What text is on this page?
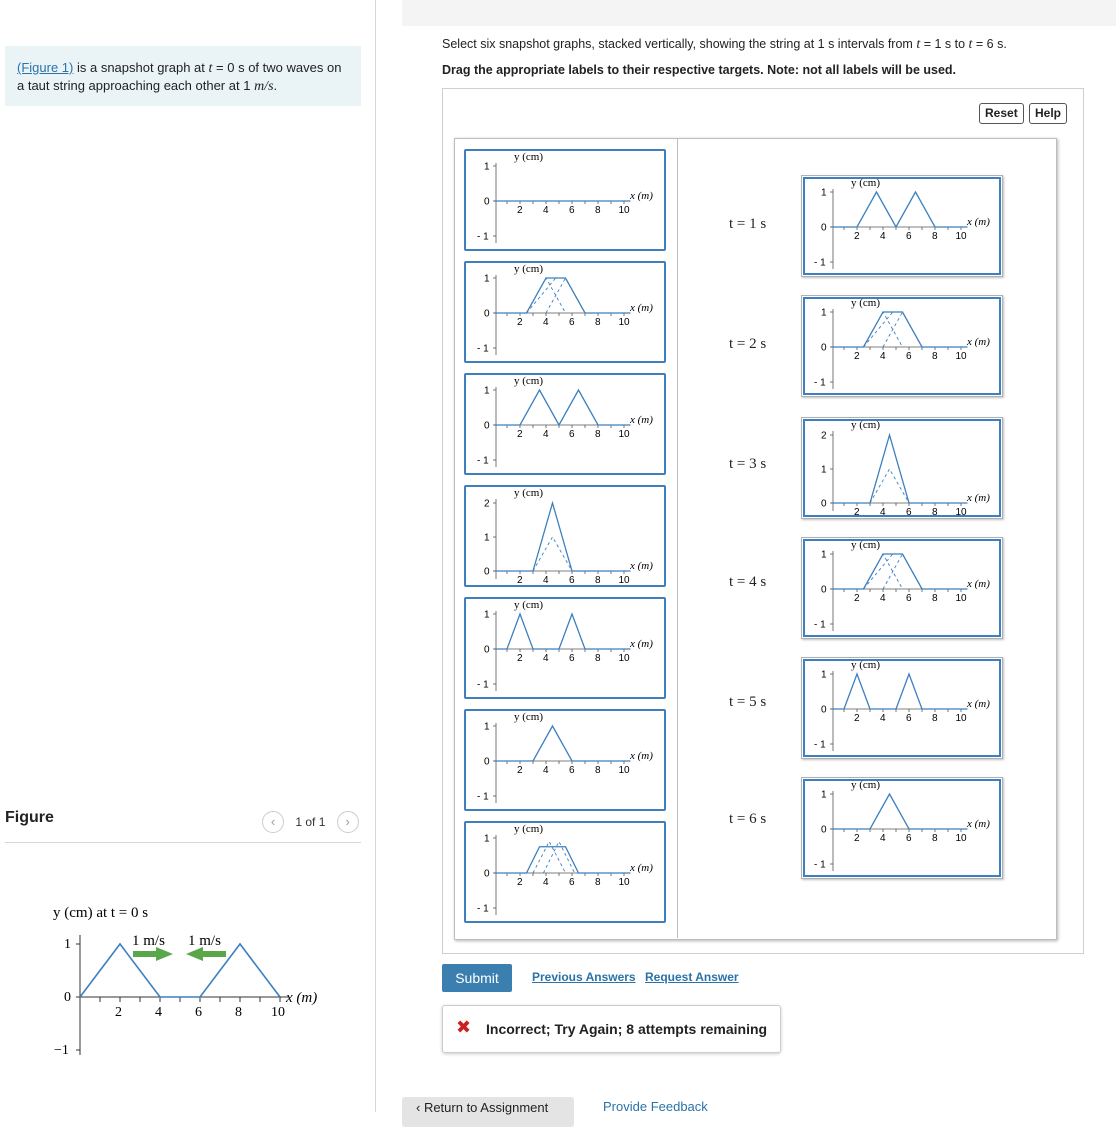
(Figure 1) is a snapshot graph at t = 0 s of two waves on a taut string approaching each other at 1 m/s.
Figure	‹ 1 of 1 ›
y (cm) at t = 0 s
1
0
−1
2 4 6 8 10
x (m)
1 m/s 1 m/s
Select six snapshot graphs, stacked vertically, showing the string at 1 s intervals from t = 1 s to t = 6 s.
Drag the appropriate labels to their respective targets. Note: not all labels will be used.
Reset	Help
1
0
- 1
2 4 6 8 10
y (cm)
x (m)
1
0
- 1
2 4 6 8 10
y (cm)
x (m)
1
0
- 1
2 4 6 8 10
y (cm)
x (m)
2
1
0
2 4 6 8 10
y (cm)
x (m)
1
0
- 1
2 4 6 8 10
y (cm)
x (m)
1
0
- 1
2 4 6 8 10
y (cm)
x (m)
1
0
- 1
2 4 6 8 10
y (cm)
x (m)
t = 1 s
t = 2 s
t = 3 s
t = 4 s
t = 5 s
t = 6 s
1
0
- 1
2 4 6 8 10
y (cm)
x (m)
1
0
- 1
2 4 6 8 10
y (cm)
x (m)
2
1
0
2 4 6 8 10
y (cm)
x (m)
1
0
- 1
2 4 6 8 10
y (cm)
x (m)
1
0
- 1
2 4 6 8 10
y (cm)
x (m)
1
0
- 1
2 4 6 8 10
y (cm)
x (m)
Submit	Previous Answers Request Answer
✖ Incorrect; Try Again; 8 attempts remaining
‹ Return to Assignment	Provide Feedback
